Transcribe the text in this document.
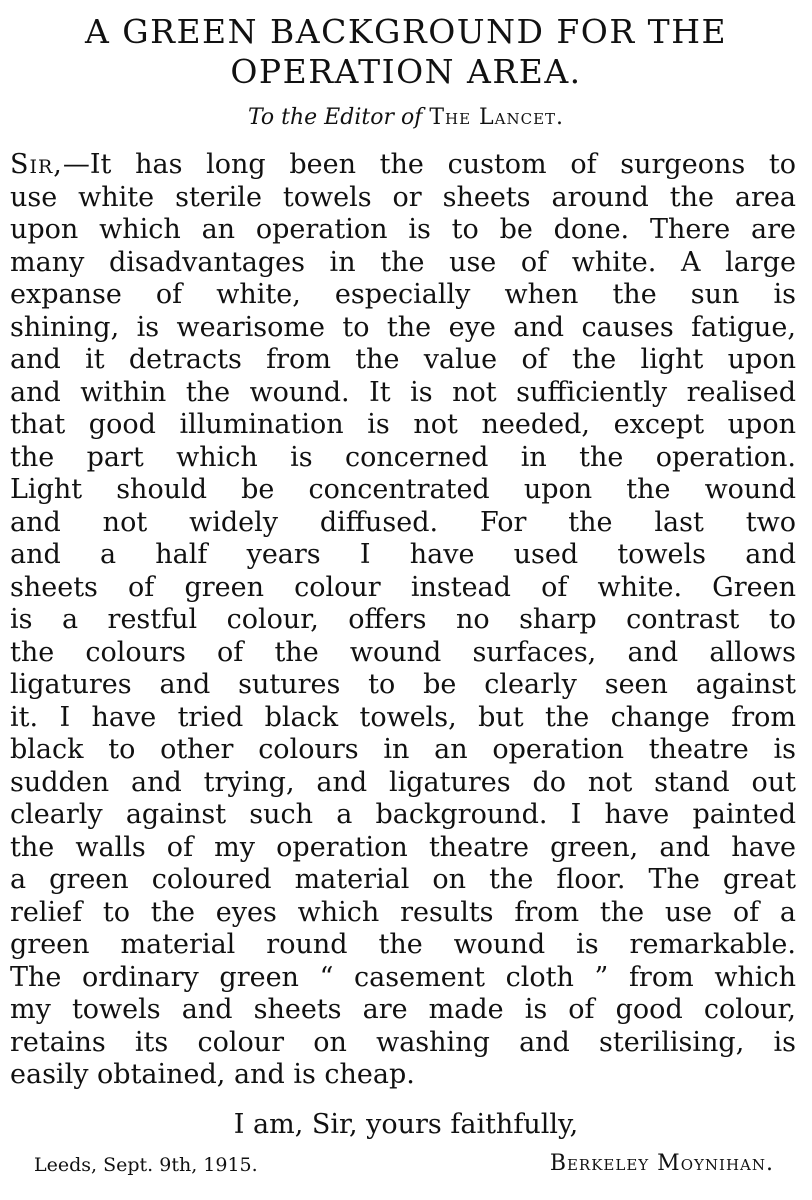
A GREEN BACKGROUND FOR THE
OPERATION AREA.
To the Editor of The Lancet.
Sir,—It has long been the custom of surgeons to
use white sterile towels or sheets around the area
upon which an operation is to be done. There are
many disadvantages in the use of white. A large
expanse of white, especially when the sun is
shining, is wearisome to the eye and causes fatigue,
and it detracts from the value of the light upon
and within the wound. It is not sufficiently realised
that good illumination is not needed, except upon
the part which is concerned in the operation.
Light should be concentrated upon the wound
and not widely diffused. For the last two
and a half years I have used towels and
sheets of green colour instead of white. Green
is a restful colour, offers no sharp contrast to
the colours of the wound surfaces, and allows
ligatures and sutures to be clearly seen against
it. I have tried black towels, but the change from
black to other colours in an operation theatre is
sudden and trying, and ligatures do not stand out
clearly against such a background. I have painted
the walls of my operation theatre green, and have
a green coloured material on the floor. The great
relief to the eyes which results from the use of a
green material round the wound is remarkable.
The ordinary green “ casement cloth ” from which
my towels and sheets are made is of good colour,
retains its colour on washing and sterilising, is
easily obtained, and is cheap.
I am, Sir, yours faithfully,
Leeds, Sept. 9th, 1915.	Berkeley Moynihan.
